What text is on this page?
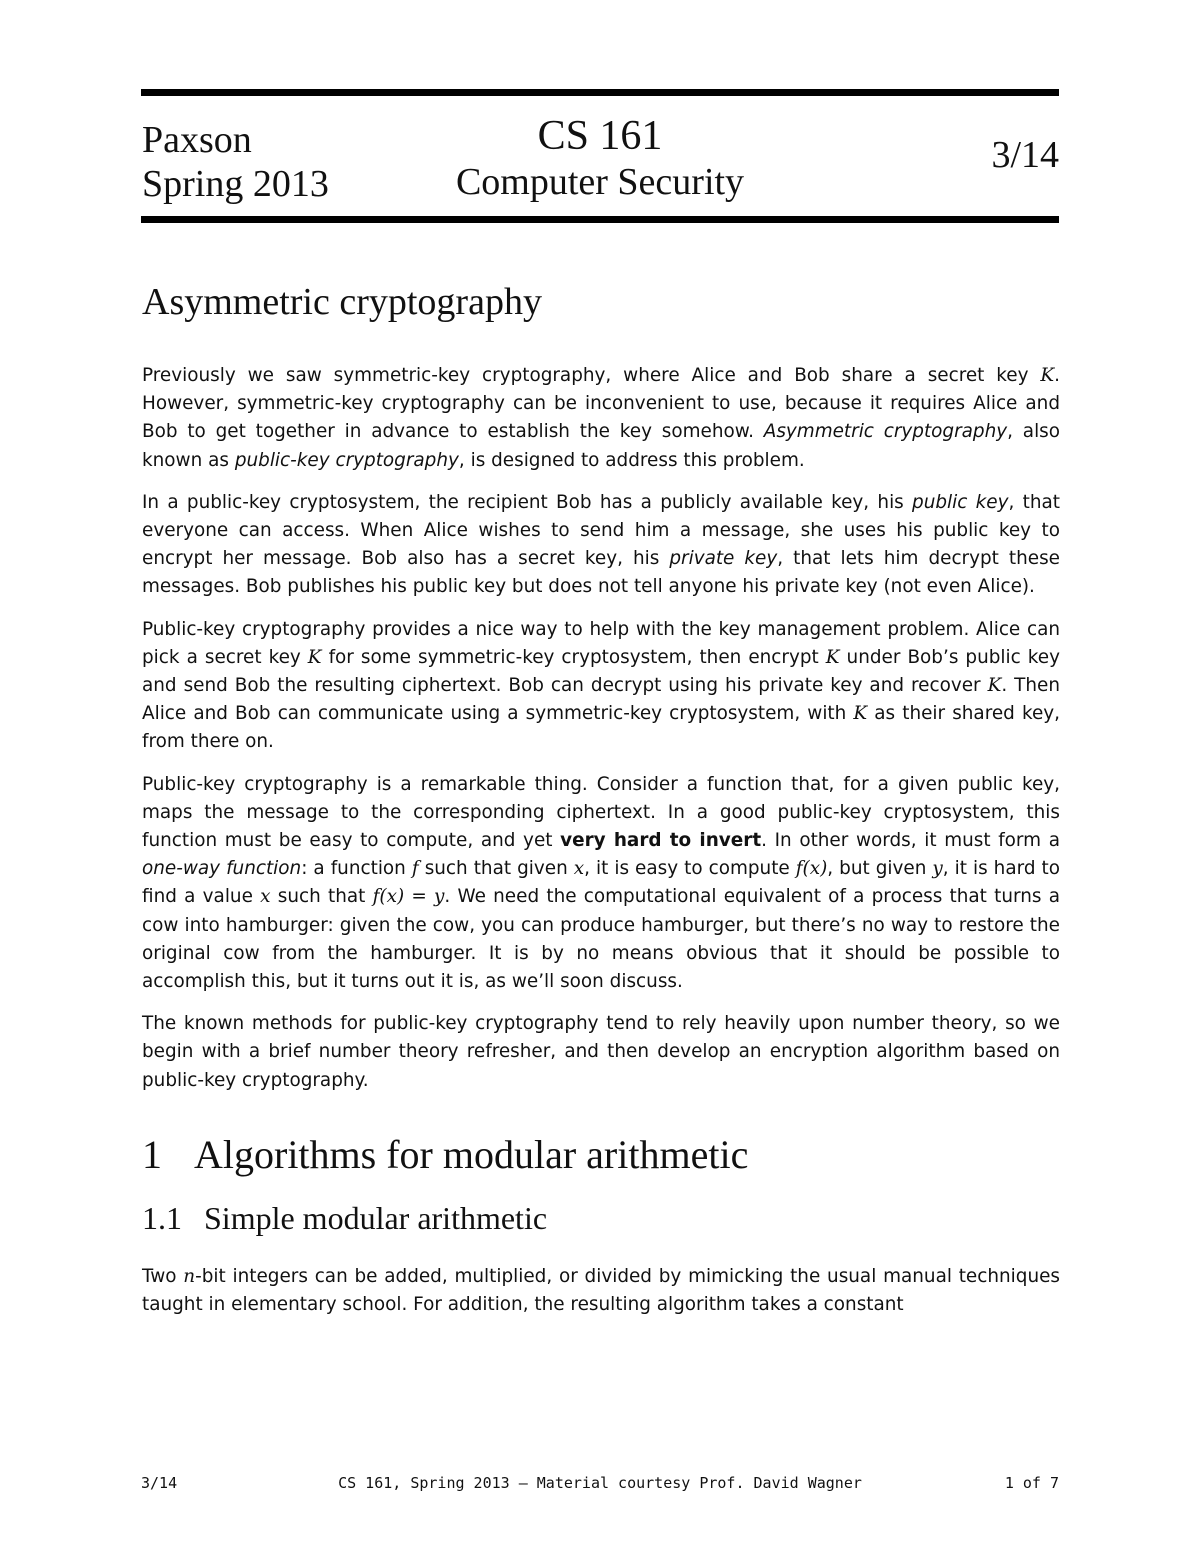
Paxson
Spring 2013
CS 161
Computer Security
3/14
Asymmetric cryptography

Previously we saw symmetric-key cryptography, where Alice and Bob share a secret key K. However, symmetric-key cryptography can be inconvenient to use, because it requires Alice and Bob to get together in advance to establish the key somehow. Asymmetric cryptography, also known as public-key cryptography, is designed to address this problem.

In a public-key cryptosystem, the recipient Bob has a publicly available key, his public key, that everyone can access. When Alice wishes to send him a message, she uses his public key to encrypt her message. Bob also has a secret key, his private key, that lets him decrypt these messages. Bob publishes his public key but does not tell anyone his private key (not even Alice).

Public-key cryptography provides a nice way to help with the key management problem. Alice can pick a secret key K for some symmetric-key cryptosystem, then encrypt K under Bob’s public key and send Bob the resulting ciphertext. Bob can decrypt using his private key and recover K. Then Alice and Bob can communicate using a symmetric-key cryptosystem, with K as their shared key, from there on.

Public-key cryptography is a remarkable thing. Consider a function that, for a given public key, maps the message to the corresponding ciphertext. In a good public-key cryptosystem, this function must be easy to compute, and yet very hard to invert. In other words, it must form a one-way function: a function f such that given x, it is easy to compute f(x), but given y, it is hard to find a value x such that f(x) = y. We need the computational equivalent of a process that turns a cow into hamburger: given the cow, you can produce hamburger, but there’s no way to restore the original cow from the hamburger. It is by no means obvious that it should be possible to accomplish this, but it turns out it is, as we’ll soon discuss.

The known methods for public-key cryptography tend to rely heavily upon number theory, so we begin with a brief number theory refresher, and then develop an encryption algorithm based on public-key cryptography.

1 Algorithms for modular arithmetic
1.1 Simple modular arithmetic

Two n-bit integers can be added, multiplied, or divided by mimicking the usual manual techniques taught in elementary school. For addition, the resulting algorithm takes a constant

3/14	CS 161, Spring 2013 — Material courtesy Prof. David Wagner	1 of 7
